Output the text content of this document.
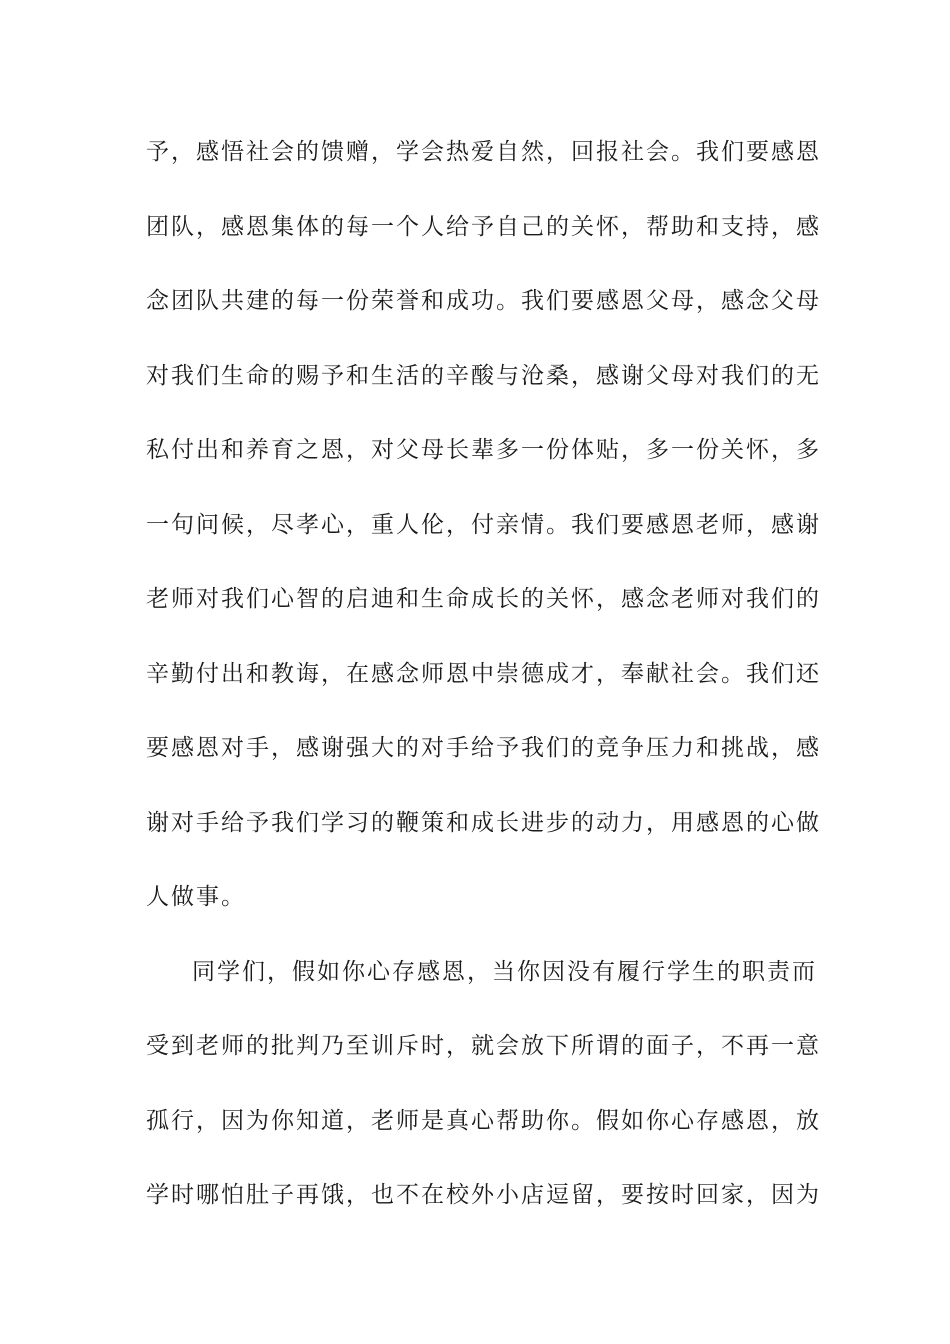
予，感悟社会的馈赠，学会热爱自然，回报社会。我们要感恩
团队，感恩集体的每一个人给予自己的关怀，帮助和支持，感
念团队共建的每一份荣誉和成功。我们要感恩父母，感念父母
对我们生命的赐予和生活的辛酸与沧桑，感谢父母对我们的无
私付出和养育之恩，对父母长辈多一份体贴，多一份关怀，多
一句问候，尽孝心，重人伦，付亲情。我们要感恩老师，感谢
老师对我们心智的启迪和生命成长的关怀，感念老师对我们的
辛勤付出和教诲，在感念师恩中崇德成才，奉献社会。我们还
要感恩对手，感谢强大的对手给予我们的竞争压力和挑战，感
谢对手给予我们学习的鞭策和成长进步的动力，用感恩的心做
人做事。
同学们，假如你心存感恩，当你因没有履行学生的职责而
受到老师的批判乃至训斥时，就会放下所谓的面子，不再一意
孤行，因为你知道，老师是真心帮助你。假如你心存感恩，放
学时哪怕肚子再饿，也不在校外小店逗留，要按时回家，因为
